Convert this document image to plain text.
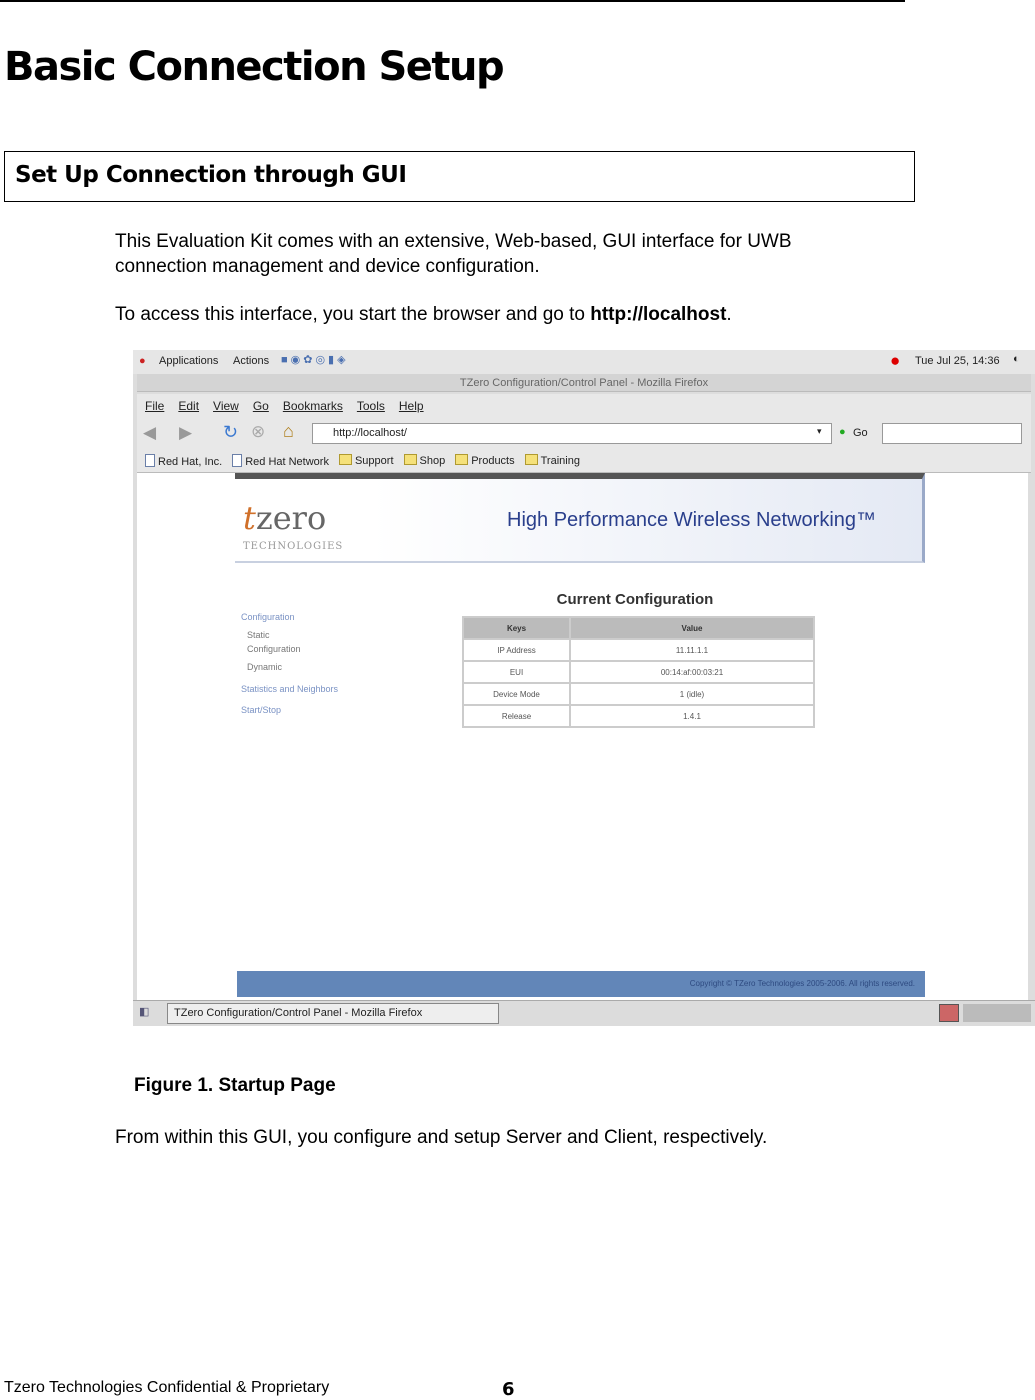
Basic Connection Setup
Set Up Connection through GUI
This Evaluation Kit comes with an extensive, Web-based, GUI interface for UWB connection management and device configuration.
To access this interface, you start the browser and go to http://localhost.
● Applications Actions ■◉✿◎▮◈	● Tue Jul 25, 14:36 ◐
TZero Configuration/Control Panel - Mozilla Firefox
File Edit View Go Bookmarks Tools Help
◀ ▶ ↻ ⊗ ⌂	http://localhost/	▾ ● Go
Red Hat, Inc.	Red Hat Network	Support	Shop	Products	Training
tzero
TECHNOLOGIES
High Performance Wireless Networking™
Configuration
Static
Configuration
Dynamic
Statistics and Neighbors
Start/Stop
Current Configuration
Keys	Value
IP Address	11.11.1.1
EUI	00:14:af:00:03:21
Device Mode	1 (idle)
Release	1.4.1
Copyright © TZero Technologies 2005-2006. All rights reserved.
◧	TZero Configuration/Control Panel - Mozilla Firefox
Figure 1. Startup Page
From within this GUI, you configure and setup Server and Client, respectively.
Tzero Technologies Confidential & Proprietary	6
